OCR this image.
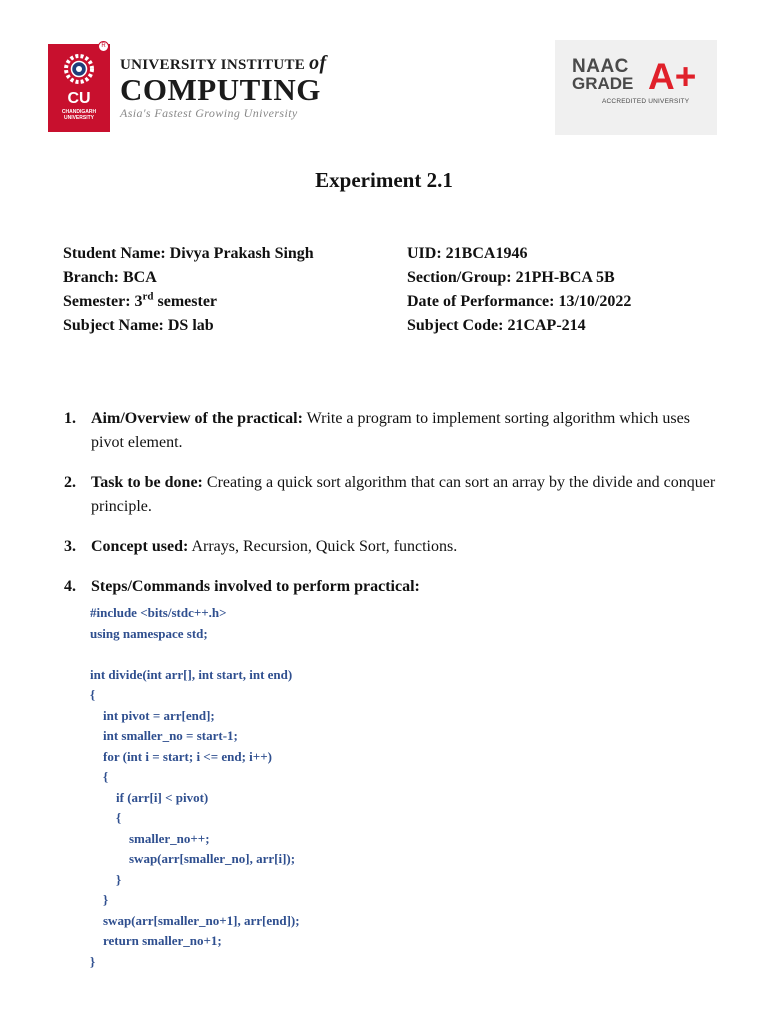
CU
CHANDIGARH
UNIVERSITY
R
UNIVERSITY INSTITUTE of
COMPUTING
Asia's Fastest Growing University
NAAC
GRADE A+
ACCREDITED UNIVERSITY
Experiment 2.1
Student Name: Divya Prakash Singh	UID: 21BCA1946
Branch: BCA	Section/Group: 21PH-BCA 5B
Semester: 3rd semester	Date of Performance: 13/10/2022
Subject Name: DS lab	Subject Code: 21CAP-214
1. Aim/Overview of the practical: Write a program to implement sorting algorithm which uses pivot element.
2. Task to be done: Creating a quick sort algorithm that can sort an array by the divide and conquer principle.
3. Concept used: Arrays, Recursion, Quick Sort, functions.
4. Steps/Commands involved to perform practical:
#include <bits/stdc++.h>
using namespace std;

int divide(int arr[], int start, int end)
{
int pivot = arr[end];
int smaller_no = start-1;
for (int i = start; i <= end; i++)
{
if (arr[i] < pivot)
{
smaller_no++;
swap(arr[smaller_no], arr[i]);
}
}
swap(arr[smaller_no+1], arr[end]);
return smaller_no+1;
}
